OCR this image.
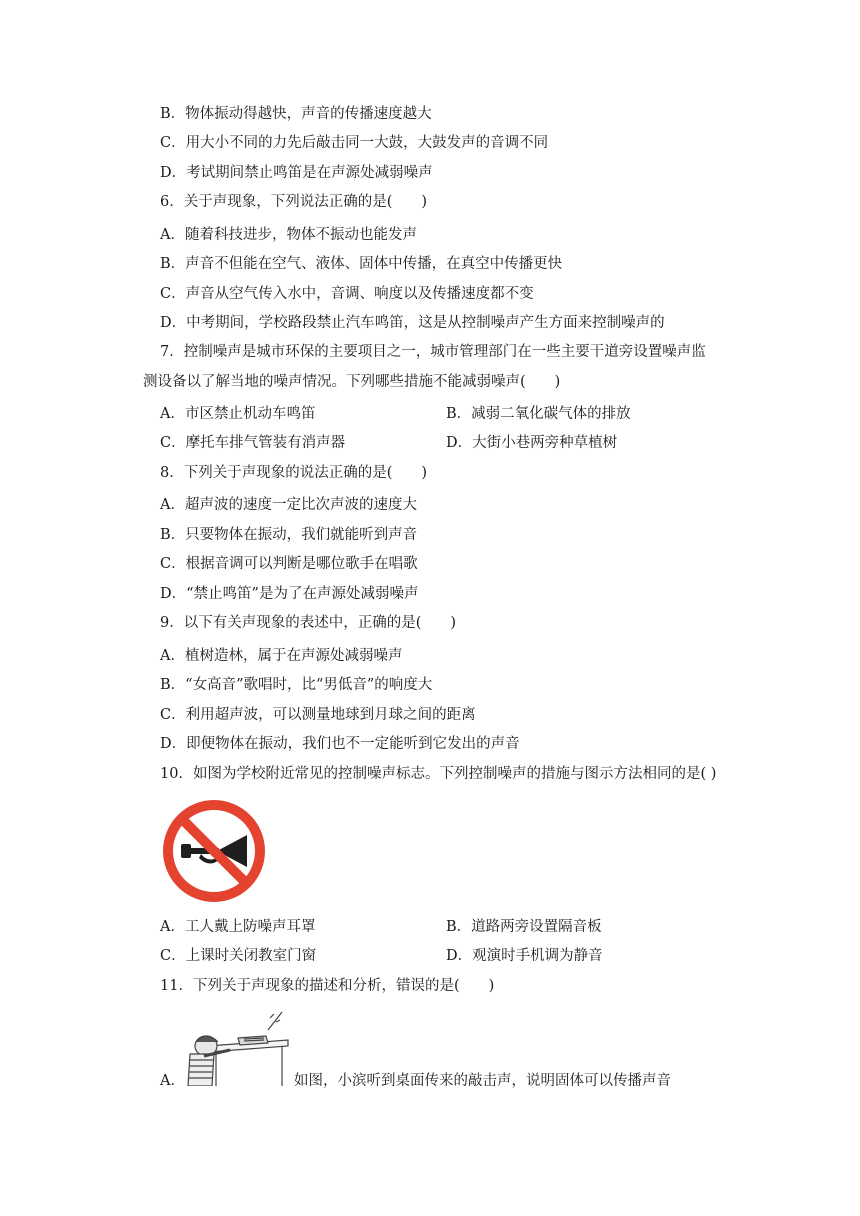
B．物体振动得越快，声音的传播速度越大
C．用大小不同的力先后敲击同一大鼓，大鼓发声的音调不同
D．考试期间禁止鸣笛是在声源处减弱噪声
6．关于声现象，下列说法正确的是(　　)
A．随着科技进步，物体不振动也能发声
B．声音不但能在空气、液体、固体中传播，在真空中传播更快
C．声音从空气传入水中，音调、响度以及传播速度都不变
D．中考期间，学校路段禁止汽车鸣笛，这是从控制噪声产生方面来控制噪声的
7．控制噪声是城市环保的主要项目之一，城市管理部门在一些主要干道旁设置噪声监
测设备以了解当地的噪声情况。下列哪些措施不能减弱噪声(　　)
A．市区禁止机动车鸣笛	B．减弱二氧化碳气体的排放
C．摩托车排气管装有消声器	D．大街小巷两旁种草植树
8．下列关于声现象的说法正确的是(　　)
A．超声波的速度一定比次声波的速度大
B．只要物体在振动，我们就能听到声音
C．根据音调可以判断是哪位歌手在唱歌
D．“禁止鸣笛”是为了在声源处减弱噪声
9．以下有关声现象的表述中，正确的是(　　)
A．植树造林，属于在声源处减弱噪声
B．“女高音”歌唱时，比“男低音”的响度大
C．利用超声波，可以测量地球到月球之间的距离
D．即便物体在振动，我们也不一定能听到它发出的声音
10．如图为学校附近常见的控制噪声标志。下列控制噪声的措施与图示方法相同的是( )
A．工人戴上防噪声耳罩	B．道路两旁设置隔音板
C．上课时关闭教室门窗	D．观演时手机调为静音
11．下列关于声现象的描述和分析，错误的是(　　)
A．	如图，小滨听到桌面传来的敲击声，说明固体可以传播声音
